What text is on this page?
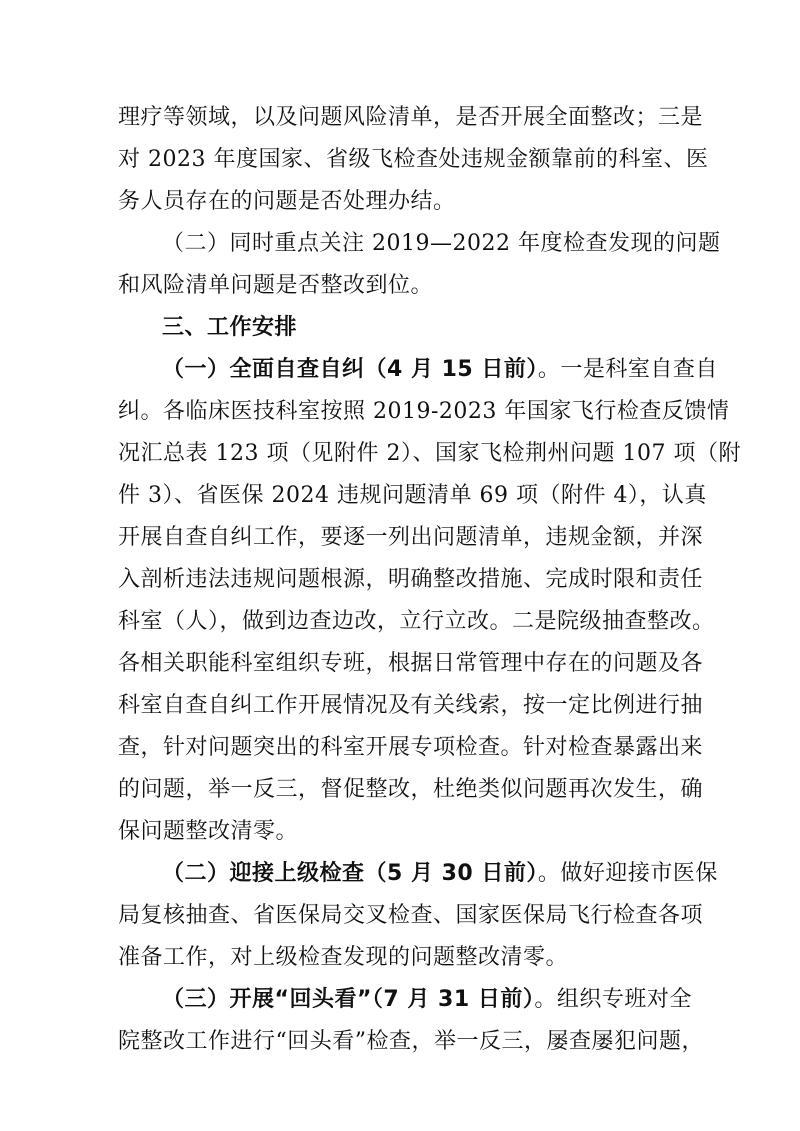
理疗等领域，以及问题风险清单，是否开展全面整改；三是
对 2023 年度国家、省级飞检查处违规金额靠前的科室、医
务人员存在的问题是否处理办结。
（二）同时重点关注 2019—2022 年度检查发现的问题
和风险清单问题是否整改到位。
三、工作安排
（一）全面自查自纠（4 月 15 日前）。一是科室自查自
纠。各临床医技科室按照 2019-2023 年国家飞行检查反馈情
况汇总表 123 项（见附件 2）、国家飞检荆州问题 107 项（附
件 3）、省医保 2024 违规问题清单 69 项（附件 4），认真
开展自查自纠工作，要逐一列出问题清单，违规金额，并深
入剖析违法违规问题根源，明确整改措施、完成时限和责任
科室（人），做到边查边改，立行立改。二是院级抽查整改。
各相关职能科室组织专班，根据日常管理中存在的问题及各
科室自查自纠工作开展情况及有关线索，按一定比例进行抽
查，针对问题突出的科室开展专项检查。针对检查暴露出来
的问题，举一反三，督促整改，杜绝类似问题再次发生，确
保问题整改清零。
（二）迎接上级检查（5 月 30 日前）。做好迎接市医保
局复核抽查、省医保局交叉检查、国家医保局飞行检查各项
准备工作，对上级检查发现的问题整改清零。
（三）开展“回头看”（7 月 31 日前）。组织专班对全
院整改工作进行“回头看”检查，举一反三，屡查屡犯问题，
